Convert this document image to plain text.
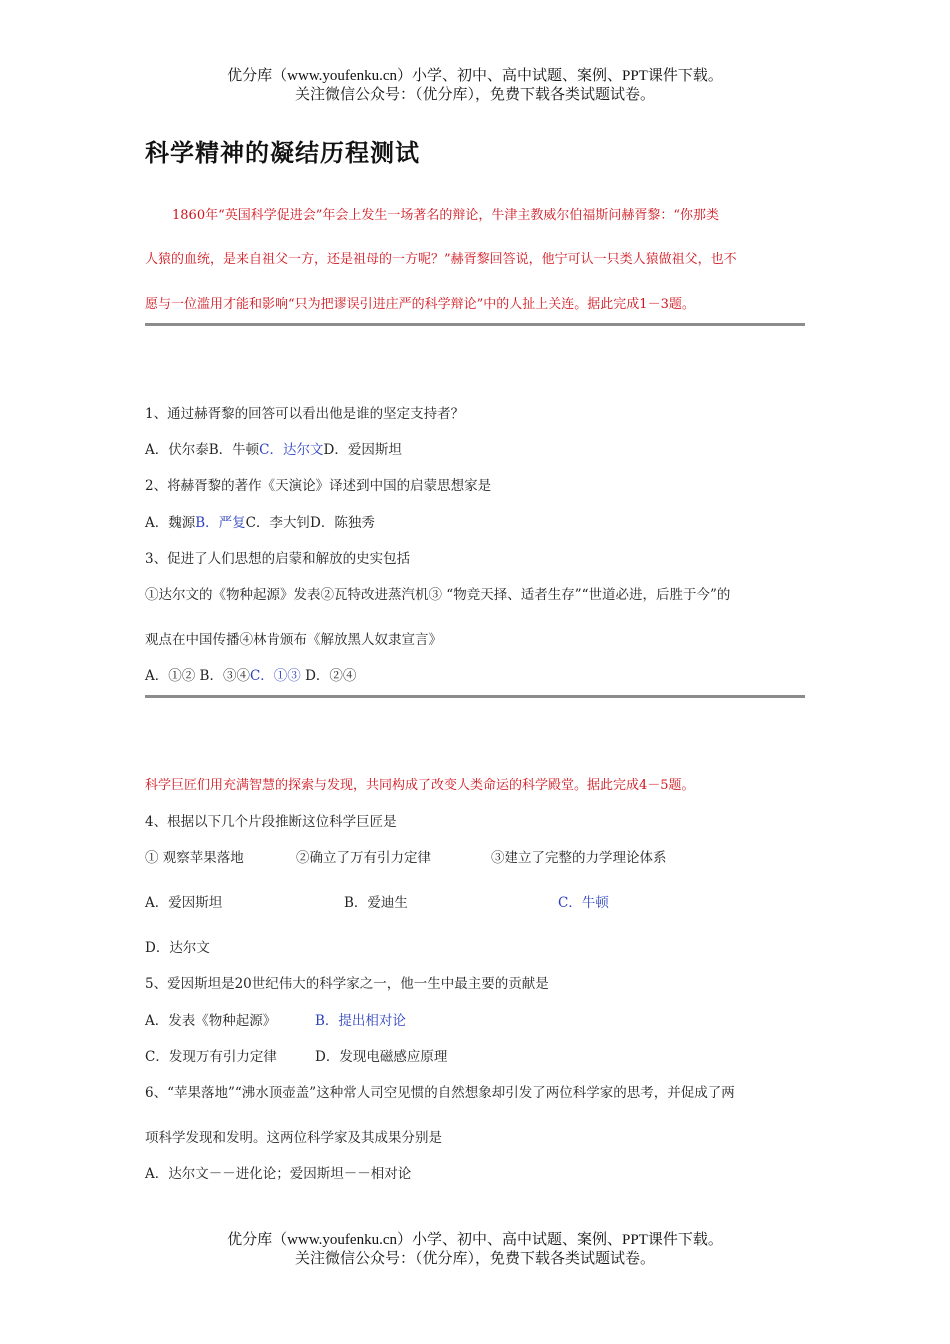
优分库（www.youfenku.cn）小学、初中、高中试题、案例、PPT课件下载。
关注微信公众号：（优分库），免费下载各类试题试卷。
科学精神的凝结历程测试
1860年“英国科学促进会”年会上发生一场著名的辩论，牛津主教威尔伯福斯问赫胥黎：“你那类
人猿的血统，是来自祖父一方，还是祖母的一方呢？”赫胥黎回答说，他宁可认一只类人猿做祖父，也不
愿与一位滥用才能和影响“只为把谬误引进庄严的科学辩论”中的人扯上关连。据此完成1－3题。
1、通过赫胥黎的回答可以看出他是谁的坚定支持者？
A．伏尔泰B．牛顿C．达尔文D．爱因斯坦
2、将赫胥黎的著作《天演论》译述到中国的启蒙思想家是
A．魏源B．严复C．李大钊D．陈独秀
3、促进了人们思想的启蒙和解放的史实包括
①达尔文的《物种起源》发表②瓦特改进蒸汽机③ “物竞天择、适者生存”“世道必进，后胜于今”的
观点在中国传播④林肯颁布《解放黑人奴隶宣言》
A．①② B．③④C．①③ D．②④
科学巨匠们用充满智慧的探索与发现，共同构成了改变人类命运的科学殿堂。据此完成4－5题。
4、根据以下几个片段推断这位科学巨匠是
① 观察苹果落地	②确立了万有引力定律	③建立了完整的力学理论体系
A．爱因斯坦	B．爱迪生	C．牛顿
D．达尔文
5、爱因斯坦是20世纪伟大的科学家之一，他一生中最主要的贡献是
A．发表《物种起源》	B．提出相对论
C．发现万有引力定律	D．发现电磁感应原理
6、“苹果落地”“沸水顶壶盖”这种常人司空见惯的自然想象却引发了两位科学家的思考，并促成了两
项科学发现和发明。这两位科学家及其成果分别是
A．达尔文－－进化论；爱因斯坦－－相对论
优分库（www.youfenku.cn）小学、初中、高中试题、案例、PPT课件下载。
关注微信公众号：（优分库），免费下载各类试题试卷。
